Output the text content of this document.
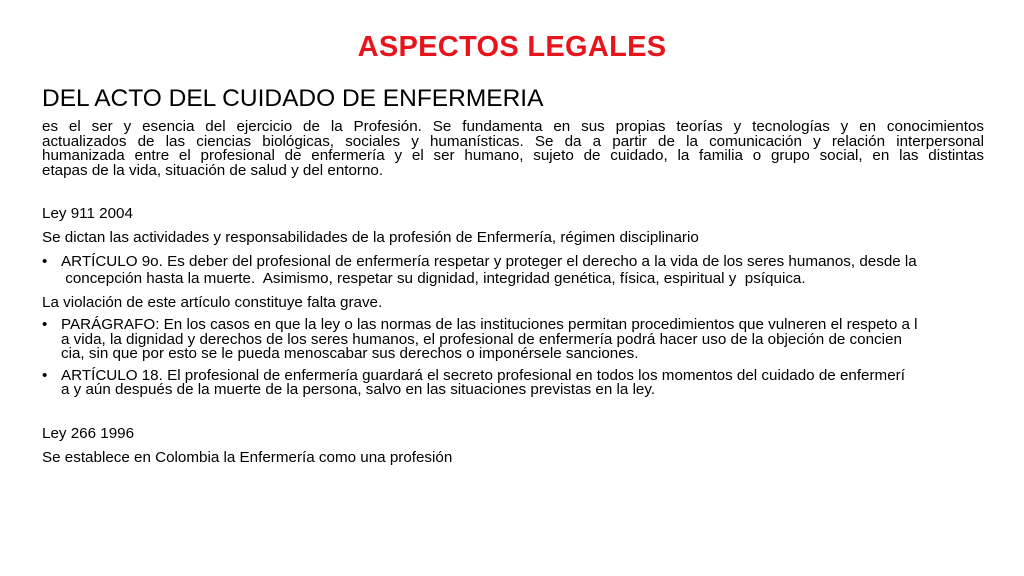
ASPECTOS LEGALES
DEL ACTO DEL CUIDADO DE ENFERMERIA
es el ser y esencia del ejercicio de la Profesión. Se fundamenta en sus propias teorías y tecnologías y en conocimientos
actualizados de las ciencias biológicas, sociales y humanísticas. Se da a partir de la comunicación y relación interpersonal
humanizada entre el profesional de enfermería y el ser humano, sujeto de cuidado, la familia o grupo social, en las distintas
etapas de la vida, situación de salud y del entorno.
Ley 911 2004
Se dictan las actividades y responsabilidades de la profesión de Enfermería, régimen disciplinario
• ARTÍCULO 9o. Es deber del profesional de enfermería respetar y proteger el derecho a la vida de los seres humanos, desde la
concepción hasta la muerte.  Asimismo, respetar su dignidad, integridad genética, física, espiritual y  psíquica.
La violación de este artículo constituye falta grave.
• PARÁGRAFO: En los casos en que la ley o las normas de las instituciones permitan procedimientos que vulneren el respeto a l
a vida, la dignidad y derechos de los seres humanos, el profesional de enfermería podrá hacer uso de la objeción de concien
cia, sin que por esto se le pueda menoscabar sus derechos o imponérsele sanciones.
• ARTÍCULO 18. El profesional de enfermería guardará el secreto profesional en todos los momentos del cuidado de enfermerí
a y aún después de la muerte de la persona, salvo en las situaciones previstas en la ley.
Ley 266 1996
Se establece en Colombia la Enfermería como una profesión
